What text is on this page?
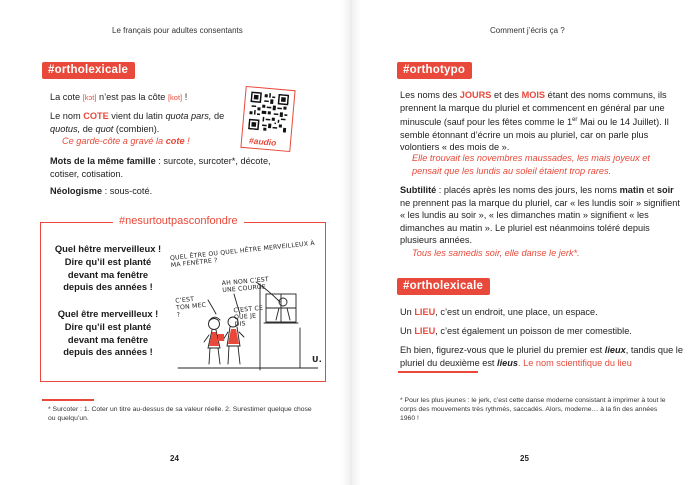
Le français pour adultes consentants
#ortholexicale
La cote [kɔt] n’est pas la côte [kot] !
Le nom COTE vient du latin quota pars, de quotus, de quot (combien).
Ce garde-côte a gravé la cote !
Mots de la même famille : surcote, surcoter*, décote, cotiser, cotisation.
Néologisme : sous-coté.
#audio
#nesurtoutpasconfondre
Quel hêtre merveilleux !
Dire qu’il est planté
devant ma fenêtre
depuis des années !
Quel être merveilleux !
Dire qu’il est planté
devant ma fenêtre
depuis des années !
QUEL ÊTRE OU QUEL HÊTRE MERVEILLEUX À MA FENÊTRE ?
AH NON C’EST UNE COURGE
C’EST TON MEC ?
C’EST CE QUE JE DIS
U.
* Surcoter : 1. Coter un titre au-dessus de sa valeur réelle. 2. Surestimer quelque chose ou quelqu’un.
24
Comment j’écris ça ?
#orthotypo
Les noms des JOURS et des MOIS étant des noms communs, ils prennent la marque du pluriel et commencent en général par une minuscule (sauf pour les fêtes comme le 1er Mai ou le 14 Juillet). Il semble étonnant d’écrire un mois au pluriel, car on parle plus volontiers « des mois de ».
Elle trouvait les novembres maussades, les mais joyeux et pensait que les lundis au soleil étaient trop rares.
Subtilité : placés après les noms des jours, les noms matin et soir ne prennent pas la marque du pluriel, car « les lundis soir » signifient « les lundis au soir », « les dimanches matin » signifient « les dimanches au matin ». Le pluriel est néanmoins toléré depuis plusieurs années.
Tous les samedis soir, elle danse le jerk*.
#ortholexicale
Un LIEU, c’est un endroit, une place, un espace.
Un LIEU, c’est également un poisson de mer comestible.
Eh bien, figurez-vous que le pluriel du premier est lieux, tandis que le pluriel du deuxième est lieus. Le nom scientifique du lieu
* Pour les plus jeunes : le jerk, c’est cette danse moderne consistant à imprimer à tout le corps des mouvements très rythmés, saccadés. Alors, moderne… à la fin des années 1960 !
25
